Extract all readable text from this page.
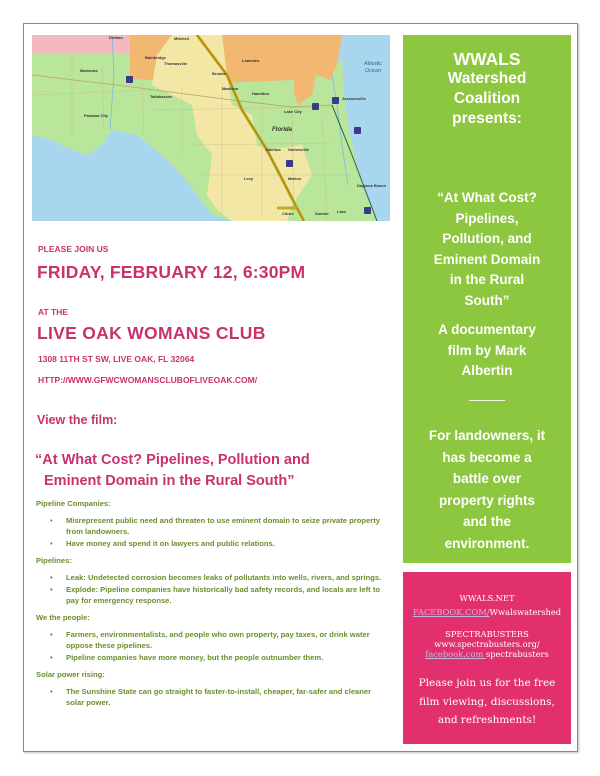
Dothan	Mitchell
Bainbridge
Thomasville
Lowndes
Brooks
Madison
Hamilton
Marianna
Tallahassee
Panama City
Jacksonville
Lake City
Alachua Gainesville
Levy	Marion
Citrus	Sumter Lake
Daytona Beach
Florida
Atlantic
Ocean
PLEASE JOIN US
FRIDAY, FEBRUARY 12, 6:30PM
AT THE
LIVE OAK WOMANS CLUB
1308 11TH ST SW, LIVE OAK, FL 32064
HTTP://WWW.GFWCWOMANSCLUBOFLIVEOAK.COM/
View the film:
“At What Cost? Pipelines, Pollution and
Eminent Domain in the Rural South”
Pipeline Companies:
• Misrepresent public need and threaten to use eminent domain to seize private property from landowners.
• Have money and spend it on lawyers and public relations.
Pipelines:
• Leak: Undetected corrosion becomes leaks of pollutants into wells, rivers, and springs.
• Explode: Pipeline companies have historically bad safety records, and locals are left to pay for emergency response.
We the people:
• Farmers, environmentalists, and people who own property, pay taxes, or drink water oppose these pipelines.
• Pipeline companies have more money, but the people outnumber them.
Solar power rising:
• The Sunshine State can go straight to faster-to-install, cheaper, far-safer and cleaner solar power.
WWALS
Watershed
Coalition
presents:
“At What Cost?
Pipelines,
Pollution, and
Eminent Domain
in the Rural
South”
A documentary
film by Mark
Albertin
For landowners, it
has become a
battle over
property rights
and the
environment.
WWALS.NET
FACEBOOK.COM/Wwalswatershed
SPECTRABUSTERS
www.spectrabusters.org/
facebook.com spectrabusters
Please join us for the free
film viewing, discussions,
and refreshments!
